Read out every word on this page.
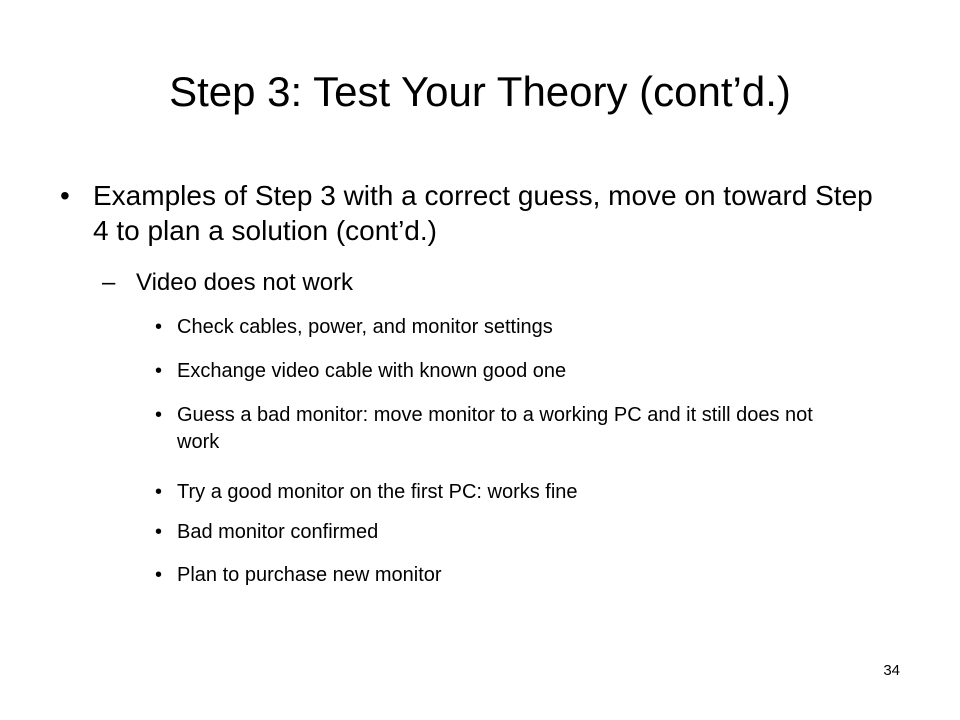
Step 3: Test Your Theory (cont’d.)
• Examples of Step 3 with a correct guess, move on toward Step 4 to plan a solution (cont’d.)
– Video does not work
• Check cables, power, and monitor settings
• Exchange video cable with known good one
• Guess a bad monitor: move monitor to a working PC and it still does not work
• Try a good monitor on the first PC: works fine
• Bad monitor confirmed
• Plan to purchase new monitor
34
